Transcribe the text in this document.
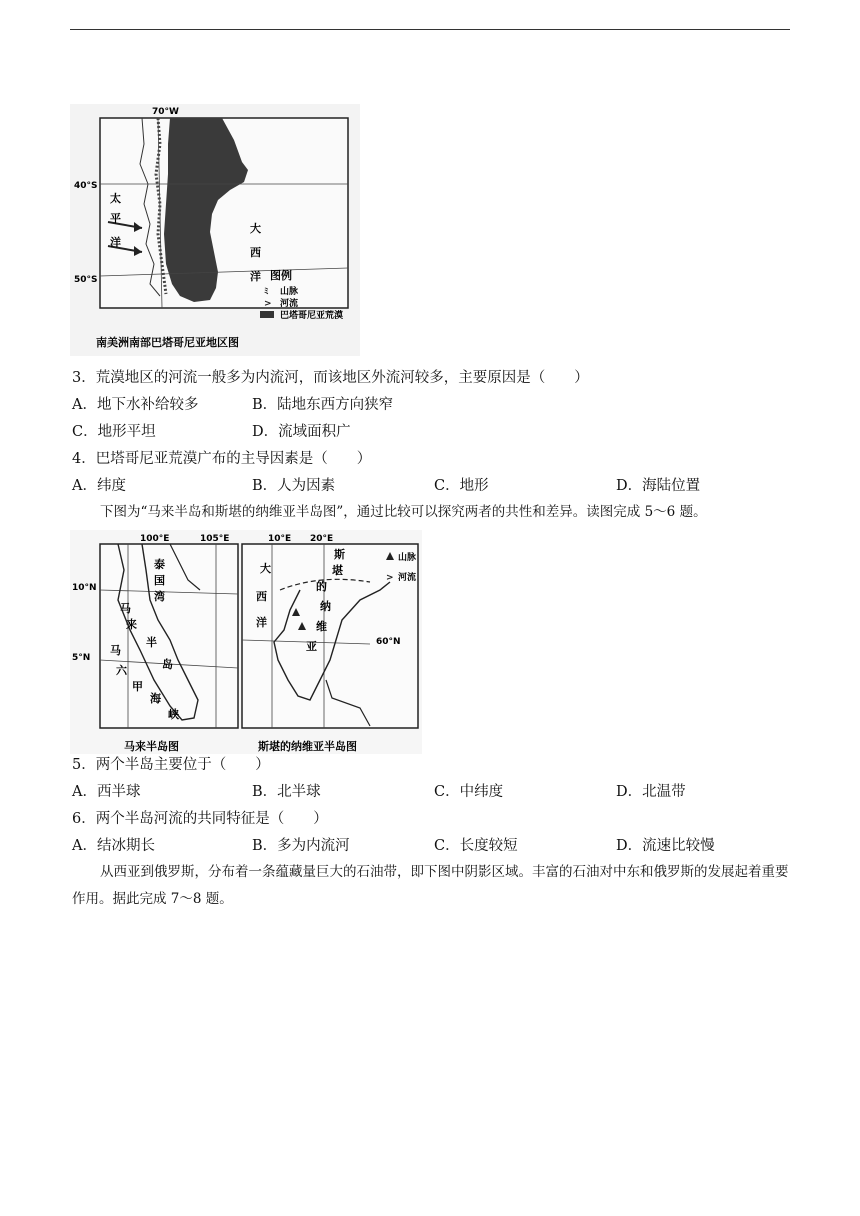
图例
ﾐ 山脉
> 河流
巴塔哥尼亚荒漠
70°W
40°S
50°S
太
平
洋
大
西
洋
南美洲南部巴塔哥尼亚地区图
3．荒漠地区的河流一般多为内流河，而该地区外流河较多，主要原因是（　　）
A．地下水补给较多	B．陆地东西方向狭窄
C．地形平坦	D．流域面积广
4．巴塔哥尼亚荒漠广布的主导因素是（　　）
A．纬度	B．人为因素	C．地形	D．海陆位置
下图为“马来半岛和斯堪的纳维亚半岛图”，通过比较可以探究两者的共性和差异。读图完成 5～6 题。
100°E	105°E
10°N
5°N
泰
国
湾
马
来
半
岛
马
六
甲
海
峡
马来半岛图
10°E 20°E
60°N
大
西
洋
斯
堪
的
纳
维
亚
山脉
> 河流
斯堪的纳维亚半岛图
5．两个半岛主要位于（　　）
A．西半球	B．北半球	C．中纬度	D．北温带
6．两个半岛河流的共同特征是（　　）
A．结冰期长	B．多为内流河	C．长度较短	D．流速比较慢
从西亚到俄罗斯，分布着一条蕴藏量巨大的石油带，即下图中阴影区域。丰富的石油对中东和俄罗斯的发展起着重要作用。据此完成 7～8 题。
